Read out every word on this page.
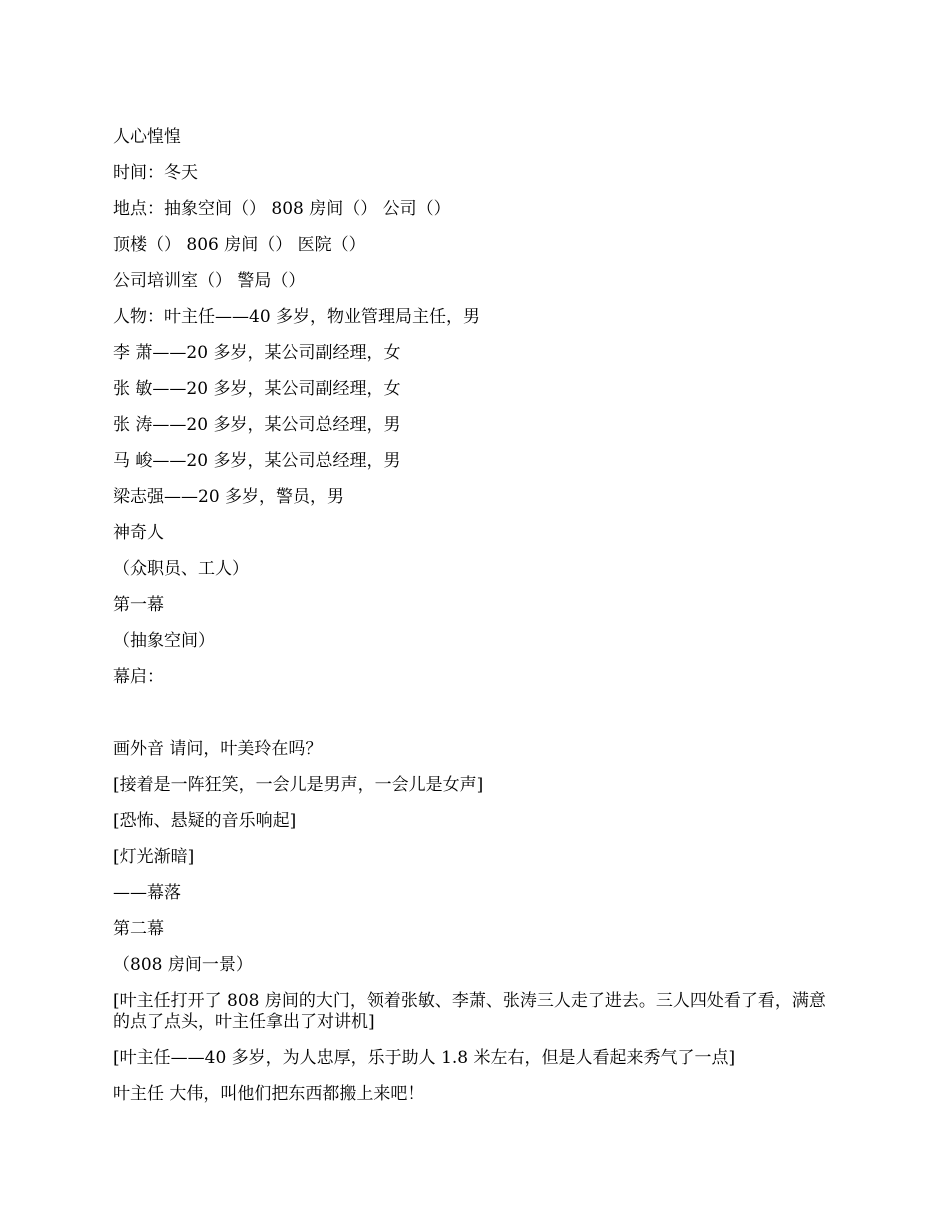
人心惶惶
时间：冬天
地点：抽象空间（） 808 房间（） 公司（）
顶楼（） 806 房间（） 医院（）
公司培训室（） 警局（）
人物：叶主任——40 多岁，物业管理局主任，男
李 萧——20 多岁，某公司副经理，女
张 敏——20 多岁，某公司副经理，女
张 涛——20 多岁，某公司总经理，男
马 峻——20 多岁，某公司总经理，男
梁志强——20 多岁，警员，男
神奇人
（众职员、工人）
第一幕
（抽象空间）
幕启：
画外音 请问，叶美玲在吗？
[接着是一阵狂笑，一会儿是男声，一会儿是女声]
[恐怖、悬疑的音乐响起]
[灯光渐暗]
——幕落
第二幕
（808 房间一景）
[叶主任打开了 808 房间的大门，领着张敏、李萧、张涛三人走了进去。三人四处看了看，满意的点了点头，叶主任拿出了对讲机]
[叶主任——40 多岁，为人忠厚，乐于助人 1.8 米左右，但是人看起来秀气了一点]
叶主任 大伟，叫他们把东西都搬上来吧！
